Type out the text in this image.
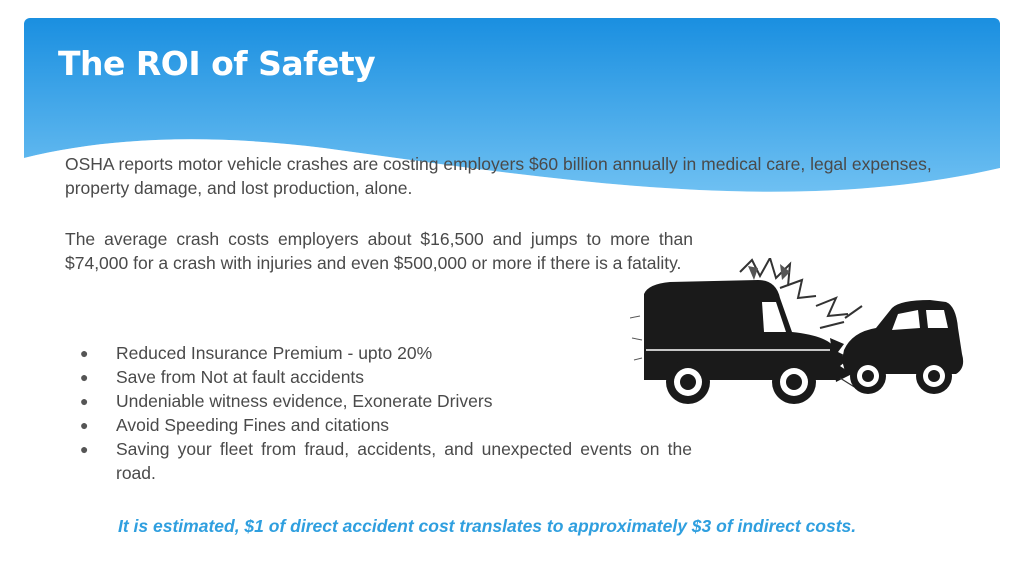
The ROI of Safety

OSHA reports motor vehicle crashes are costing employers $60 billion annually in medical care, legal expenses, property damage, and lost production, alone.

The average crash costs employers about $16,500 and jumps to more than $74,000 for a crash with injuries and even $500,000 or more if there is a fatality.

● Reduced Insurance Premium - upto 20%
● Save from Not at fault accidents
● Undeniable witness evidence, Exonerate Drivers
● Avoid Speeding Fines and citations
● Saving your fleet from fraud, accidents, and unexpected events on the road.

It is estimated, $1 of direct accident cost translates to approximately $3 of indirect costs.
